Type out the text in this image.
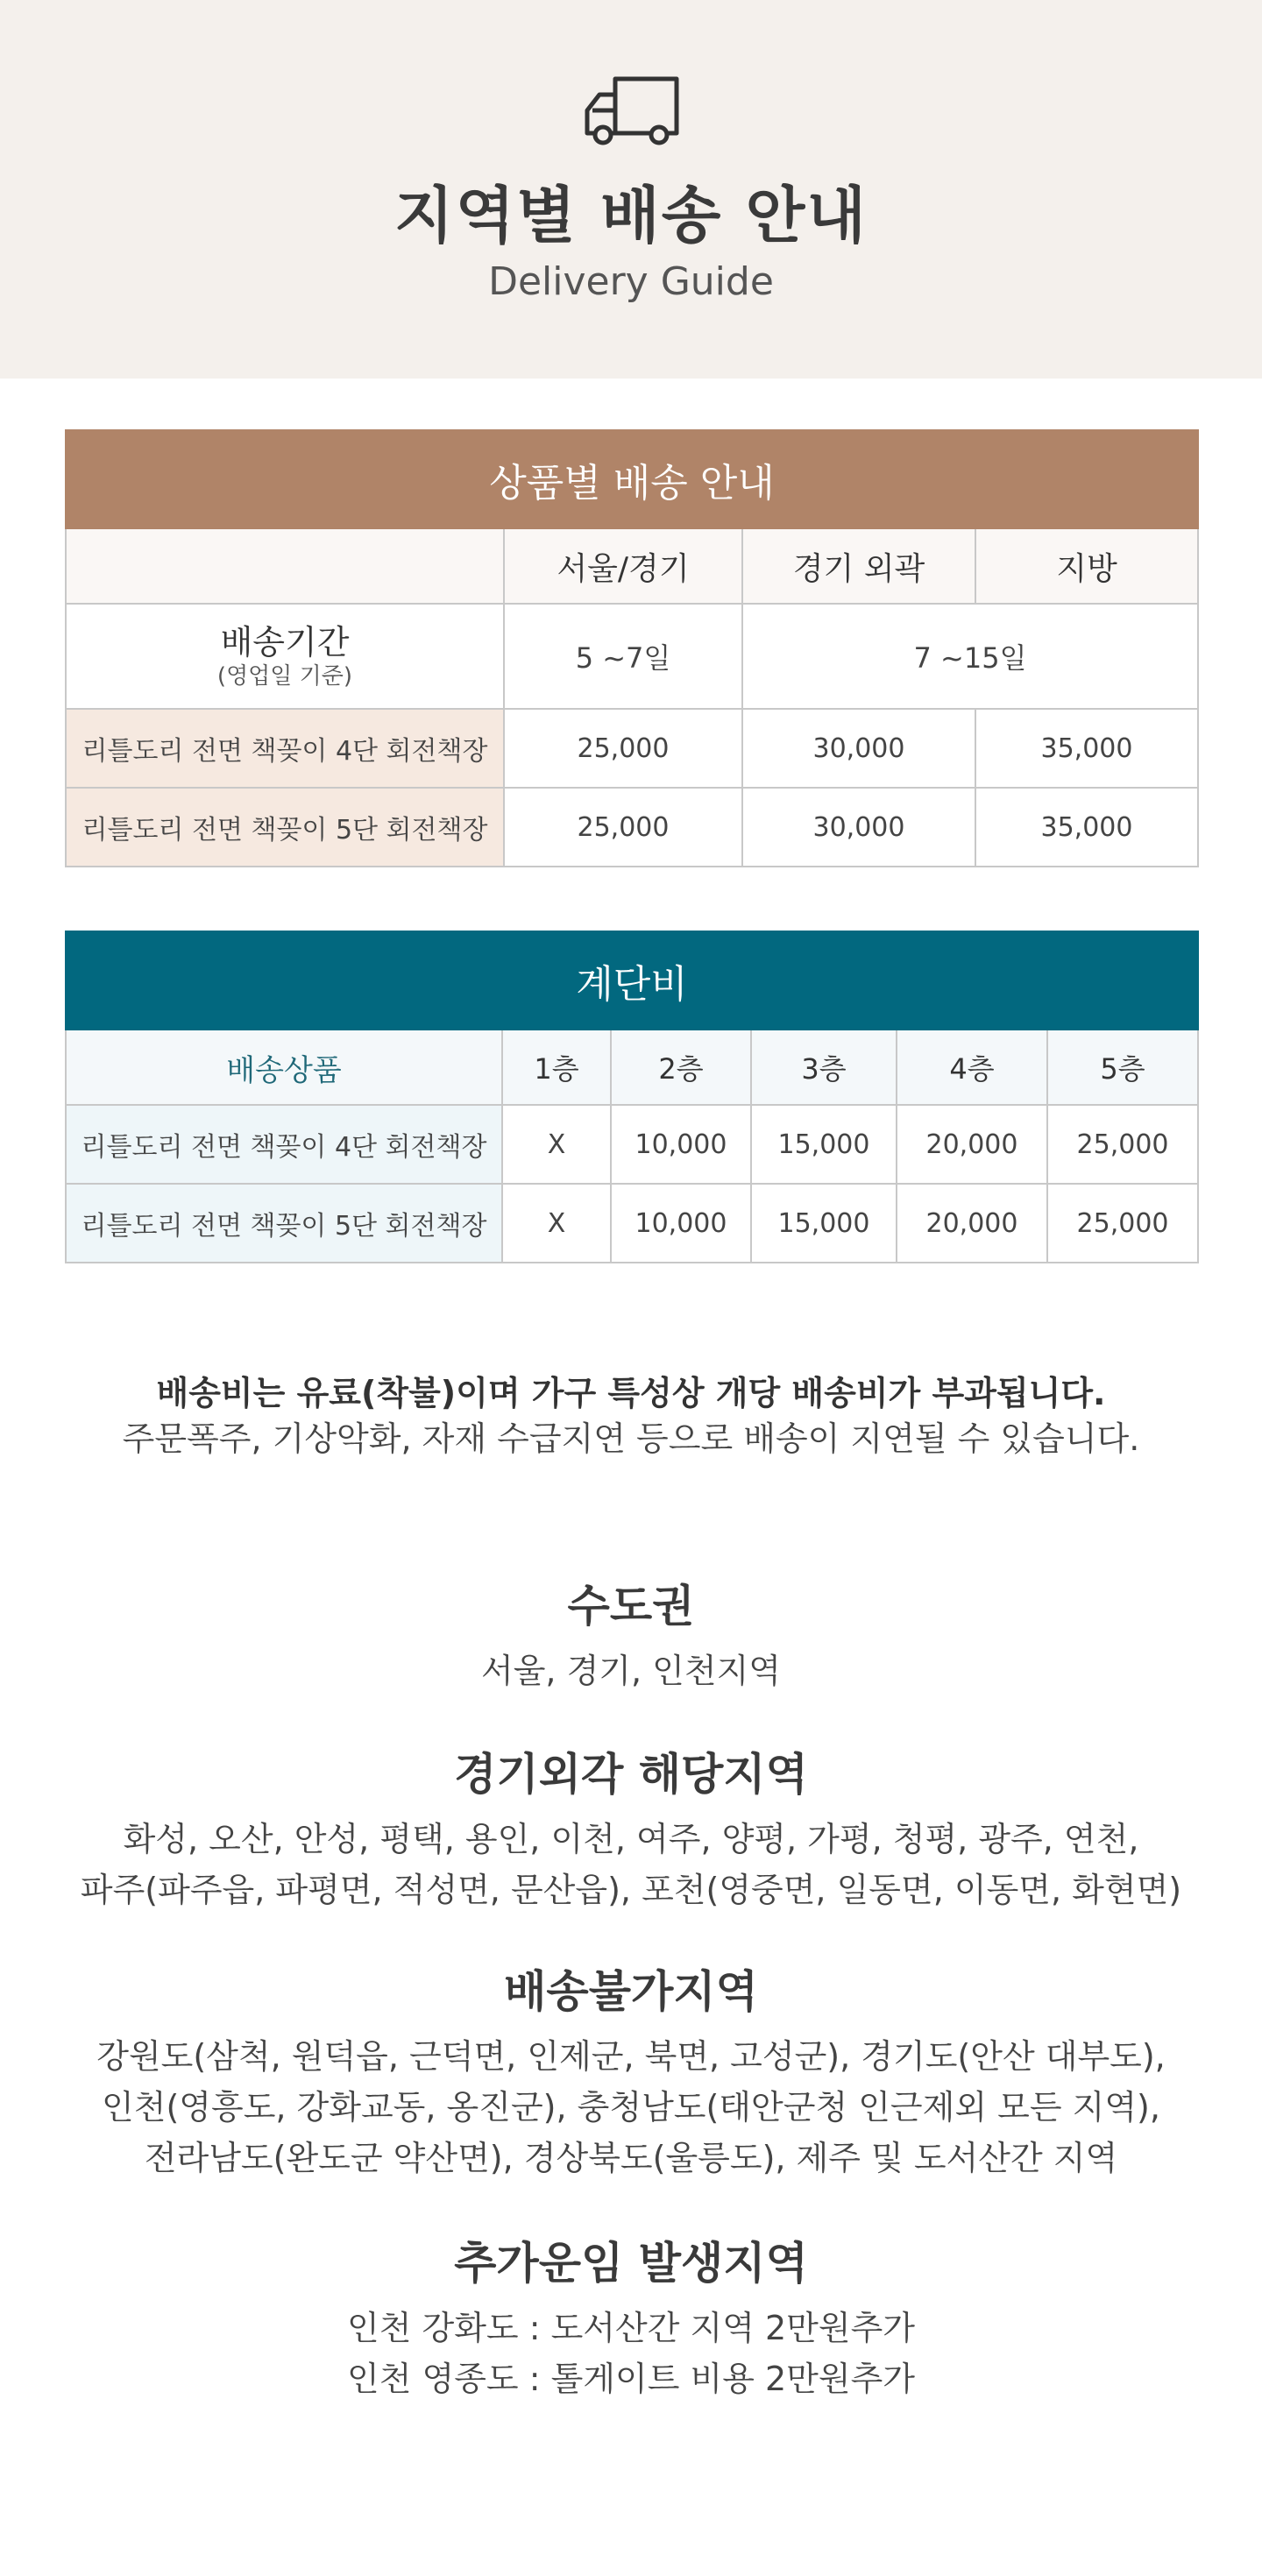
지역별 배송 안내
Delivery Guide
상품별 배송 안내			
	서울/경기	경기 외곽	지방
배송기간
(영업일 기준)	5 ~7일	7 ~15일	
리틀도리 전면 책꽂이 4단 회전책장	25,000	30,000	35,000
리틀도리 전면 책꽂이 5단 회전책장	25,000	30,000	35,000
계단비					
배송상품	1층	2층	3층	4층	5층
리틀도리 전면 책꽂이 4단 회전책장	X	10,000	15,000	20,000	25,000
리틀도리 전면 책꽂이 5단 회전책장	X	10,000	15,000	20,000	25,000
배송비는 유료(착불)이며 가구 특성상 개당 배송비가 부과됩니다.
주문폭주, 기상악화, 자재 수급지연 등으로 배송이 지연될 수 있습니다.
수도권
서울, 경기, 인천지역
경기외각 해당지역
화성, 오산, 안성, 평택, 용인, 이천, 여주, 양평, 가평, 청평, 광주, 연천,
파주(파주읍, 파평면, 적성면, 문산읍), 포천(영중면, 일동면, 이동면, 화현면)
배송불가지역
강원도(삼척, 원덕읍, 근덕면, 인제군, 북면, 고성군), 경기도(안산 대부도),
인천(영흥도, 강화교동, 옹진군), 충청남도(태안군청 인근제외 모든 지역),
전라남도(완도군 약산면), 경상북도(울릉도), 제주 및 도서산간 지역
추가운임 발생지역
인천 강화도 : 도서산간 지역 2만원추가
인천 영종도 : 톨게이트 비용 2만원추가
